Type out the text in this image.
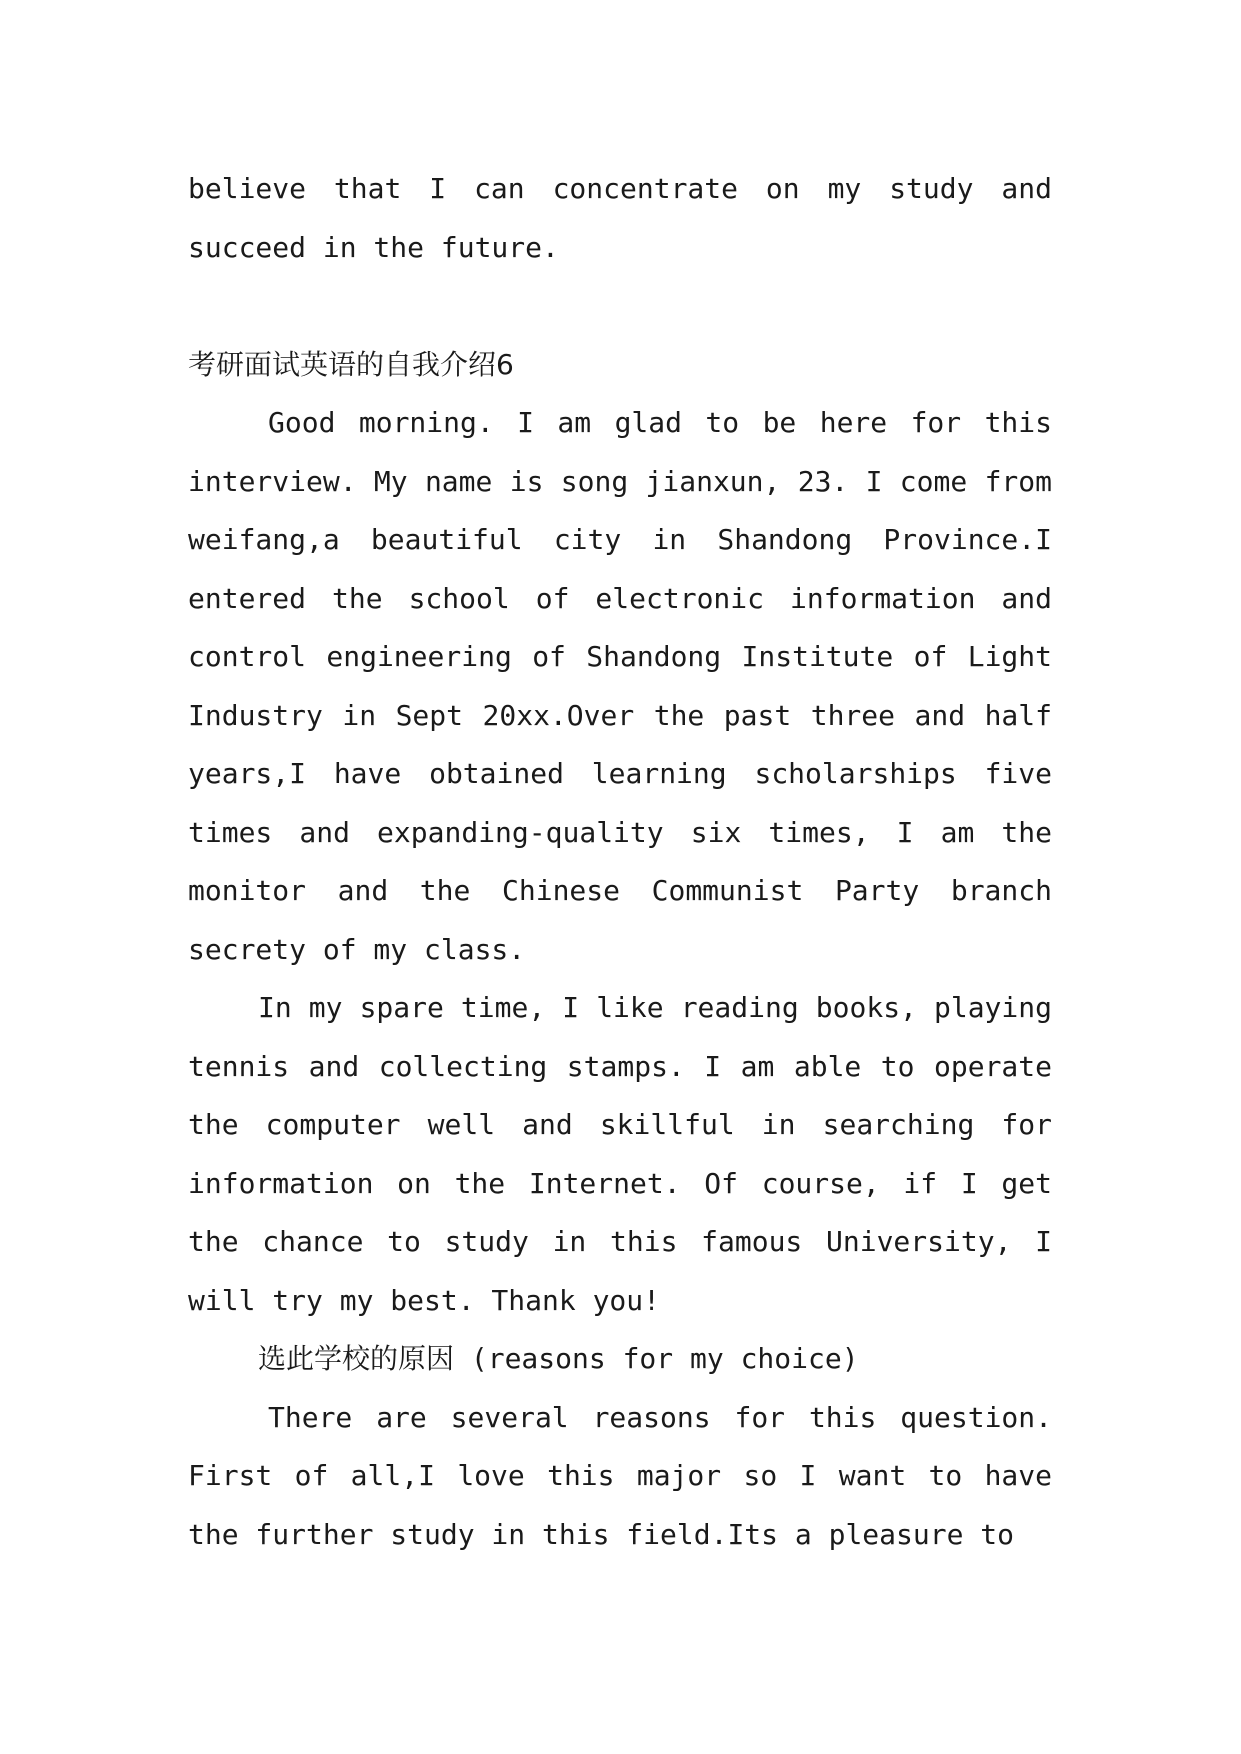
believe that I can concentrate on my study and succeed in the future.

考研面试英语的自我介绍6

Good morning. I am glad to be here for this interview. My name is song jianxun, 23. I come from weifang,a beautiful city in Shandong Province.I entered the school of electronic information and control engineering of Shandong Institute of Light Industry in Sept 20xx.Over the past three and half years,I have obtained learning scholarships five times and expanding-quality six times, I am the monitor and the Chinese Communist Party branch secrety of my class.

In my spare time, I like reading books, playing tennis and collecting stamps. I am able to operate the computer well and skillful in searching for information on the Internet. Of course, if I get the chance to study in this famous University, I will try my best. Thank you!

选此学校的原因 (reasons for my choice)

There are several reasons for this question. First of all,I love this major so I want to have the further study in this field.Its a pleasure to
